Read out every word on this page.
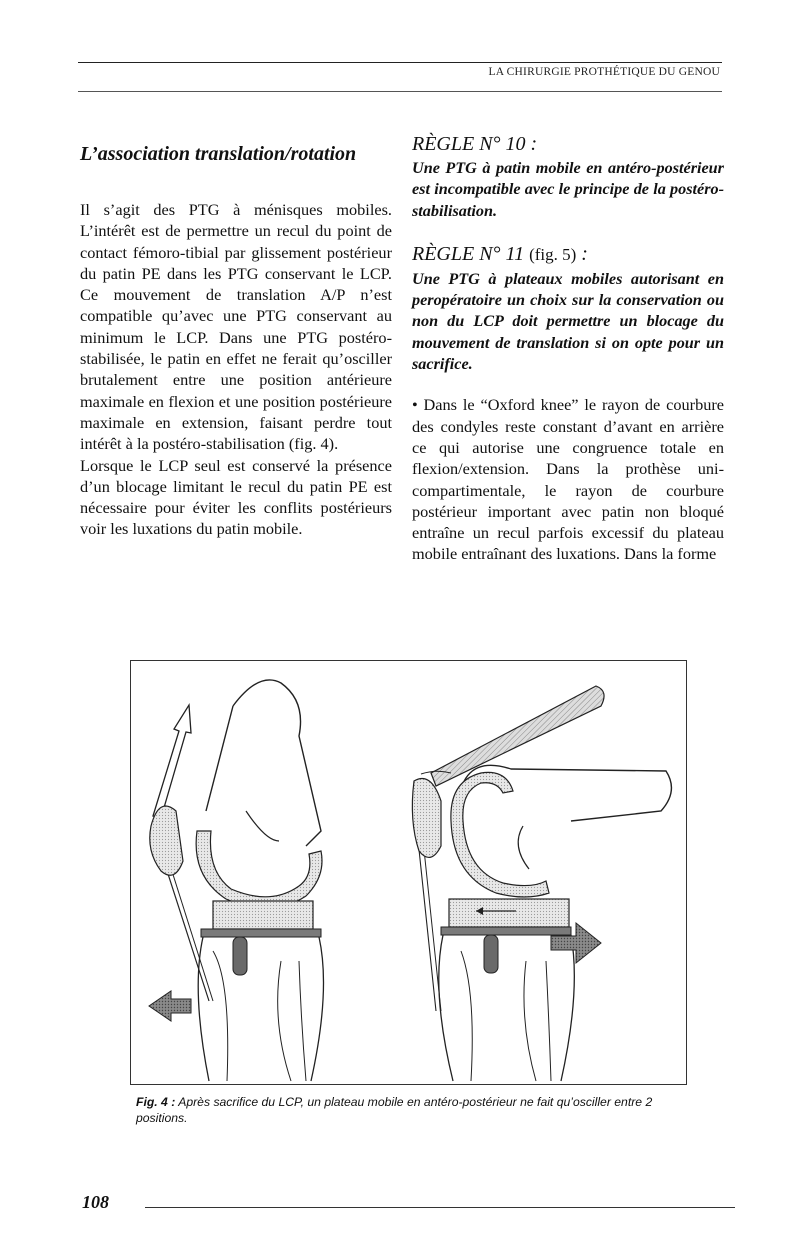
LA CHIRURGIE PROTHÉTIQUE DU GENOU
L’association translation/rotation

Il s’agit des PTG à ménisques mobiles. L’intérêt est de permettre un recul du point de contact fémoro-tibial par glissement postérieur du patin PE dans les PTG conservant le LCP. Ce mouvement de translation A/P n’est compatible qu’avec une PTG conservant au minimum le LCP. Dans une PTG postéro-stabilisée, le patin en effet ne ferait qu’osciller brutalement entre une position antérieure maximale en flexion et une position postérieure maximale en extension, faisant perdre tout intérêt à la postéro-stabilisation (fig. 4).

Lorsque le LCP seul est conservé la présence d’un blocage limitant le recul du patin PE est nécessaire pour éviter les conflits postérieurs voir les luxations du patin mobile.

RÈGLE N° 10 :

Une PTG à patin mobile en antéro-postérieur est incompatible avec le principe de la postéro-stabilisation.

RÈGLE N° 11 (fig. 5) :

Une PTG à plateaux mobiles autorisant en peropératoire un choix sur la conservation ou non du LCP doit permettre un blocage du mouvement de translation si on opte pour un sacrifice.

• Dans le “Oxford knee” le rayon de courbure des condyles reste constant d’avant en arrière ce qui autorise une congruence totale en flexion/extension. Dans la prothèse uni-compartimentale, le rayon de courbure postérieur important avec patin non bloqué entraîne un recul parfois excessif du plateau mobile entraînant des luxations. Dans la forme

Fig. 4 : Après sacrifice du LCP, un plateau mobile en antéro-postérieur ne fait qu’osciller entre 2 positions.
108
